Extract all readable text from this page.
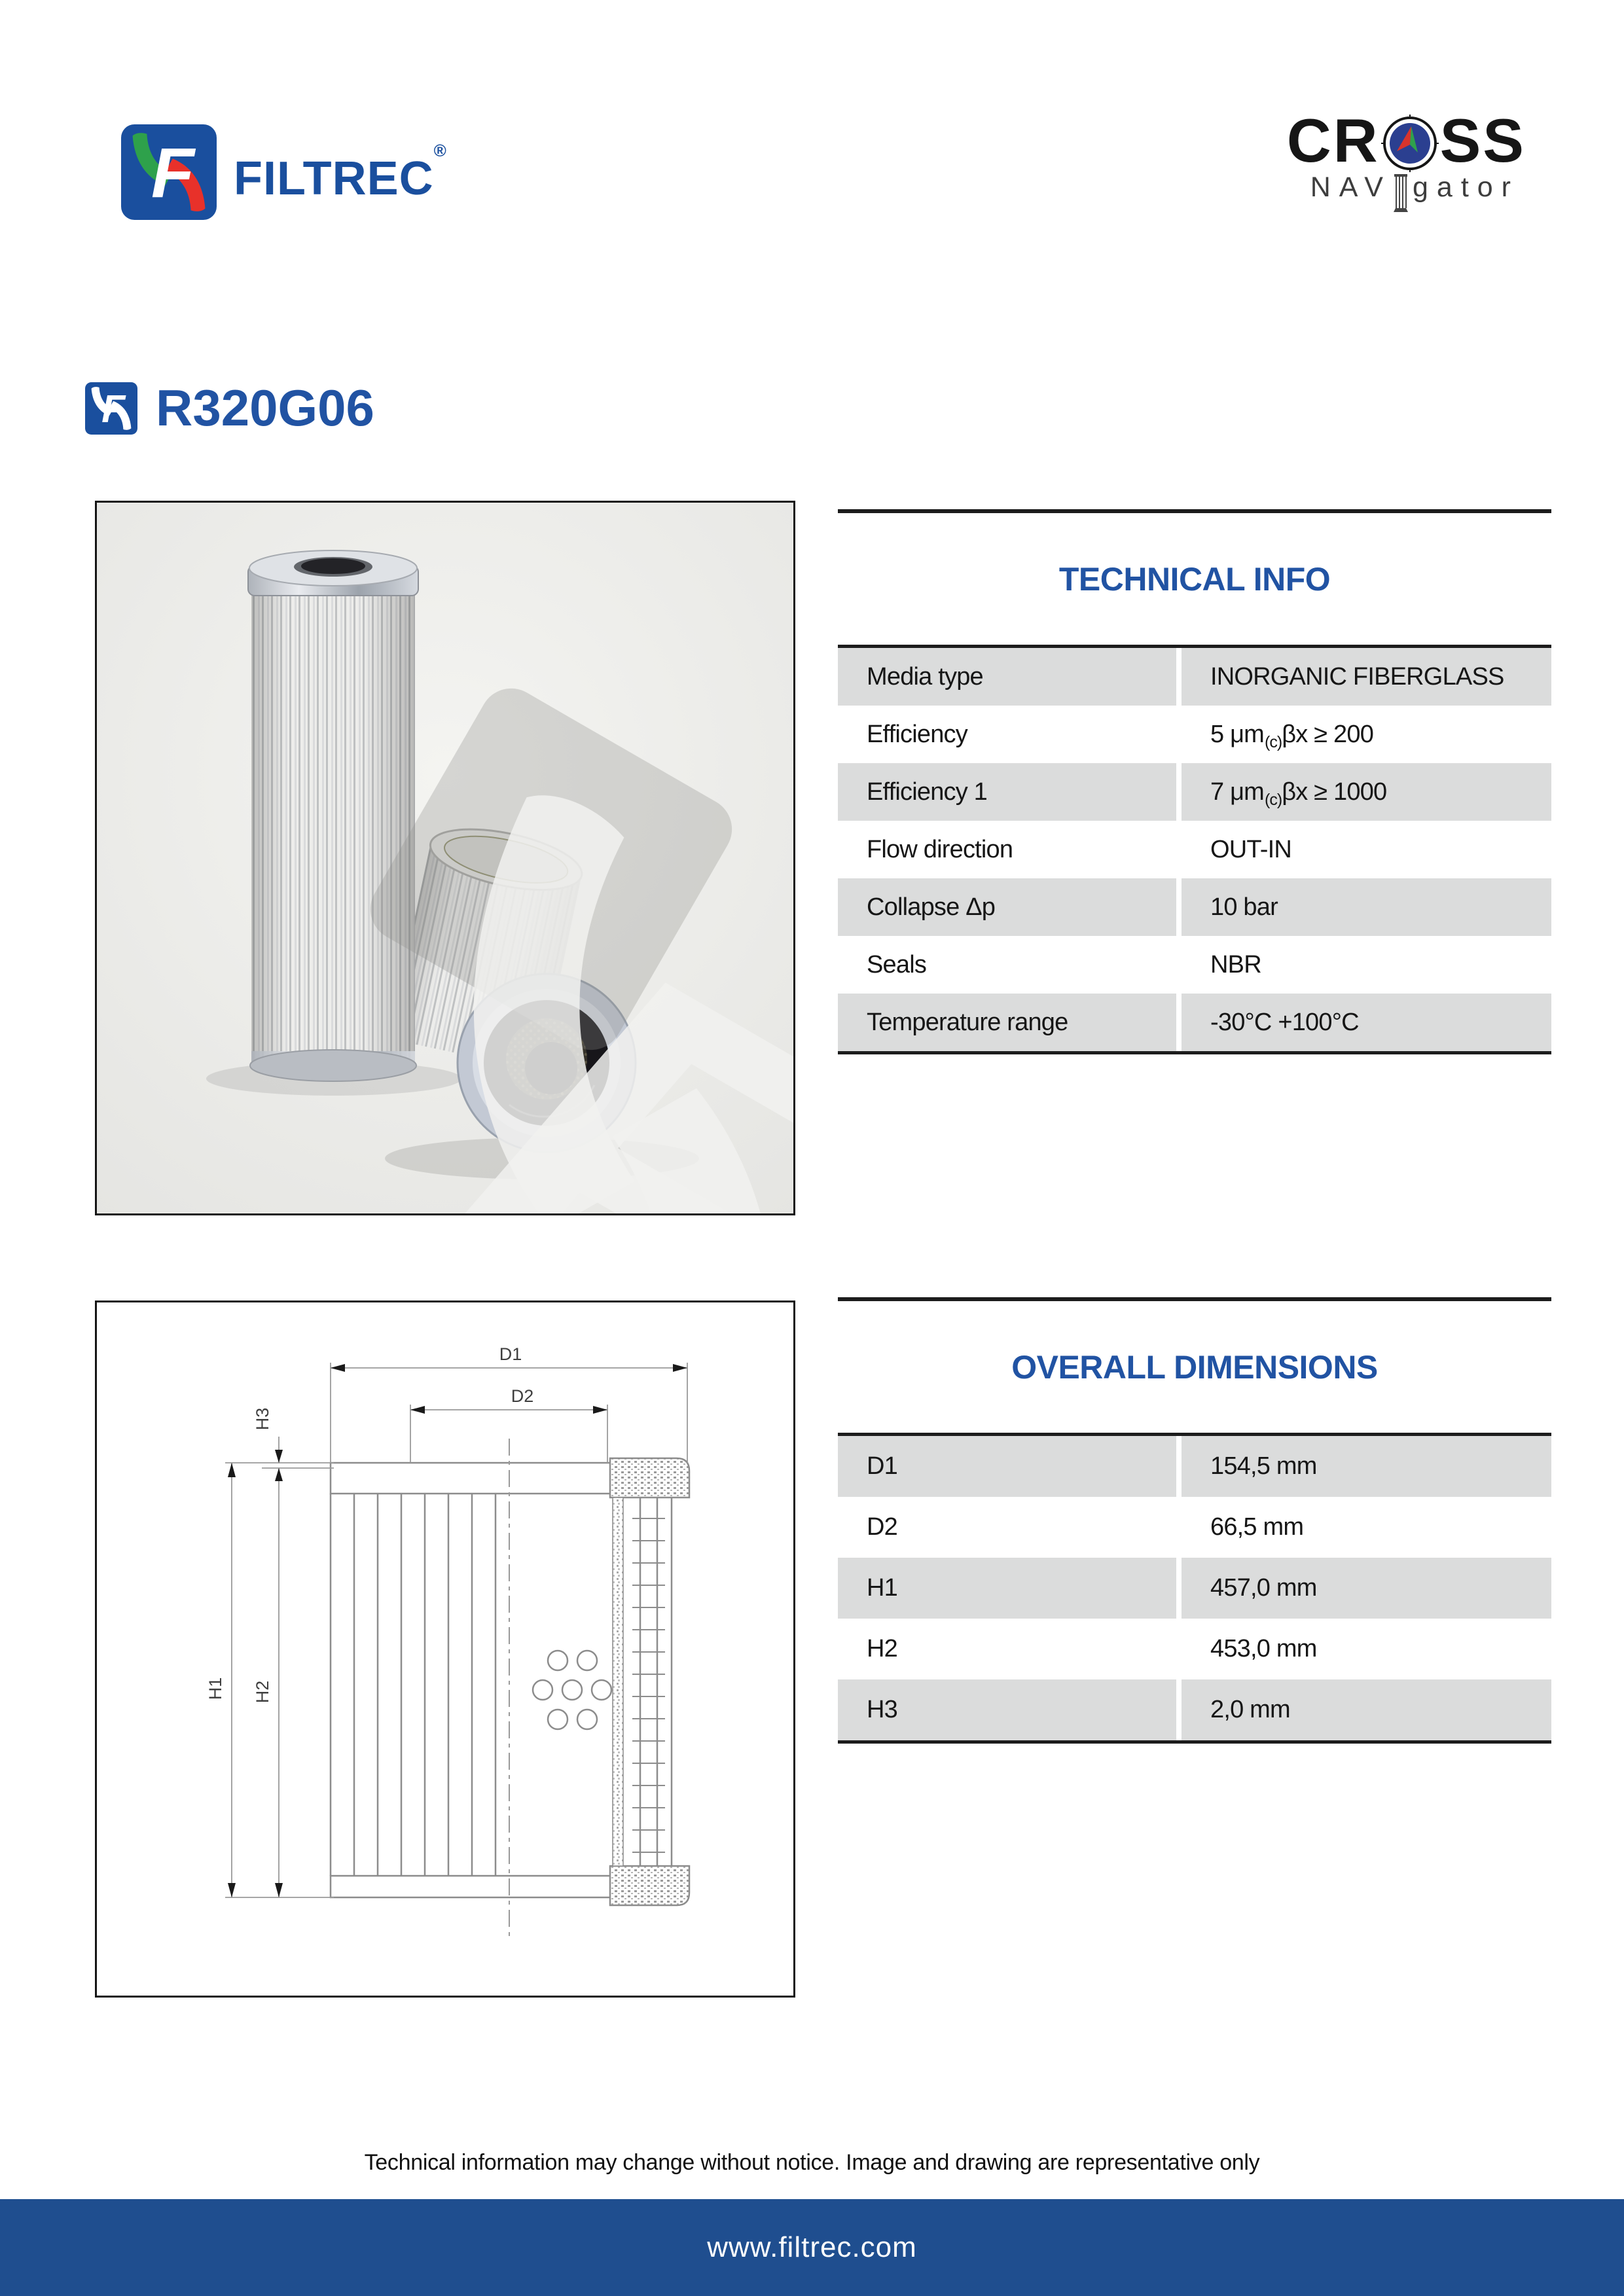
FILTREC®	CR SS
NAV gator
R320G06
TECHNICAL INFO
Media type	INORGANIC FIBERGLASS
Efficiency	5 $\mu m_{(c)}$ βx ≥ 200
Efficiency 1	7 $\mu m_{(c)}$ βx ≥ 1000
Flow direction	OUT-IN
Collapse Δp	10 bar
Seals	NBR
Temperature range	-30°C +100°C
D1
D2
H3
H1 H2
OVERALL DIMENSIONS
D1	154,5 mm
D2	66,5 mm
H1	457,0 mm
H2	453,0 mm
H3	2,0 mm
Technical information may change without notice. Image and drawing are representative only
www.filtrec.com
